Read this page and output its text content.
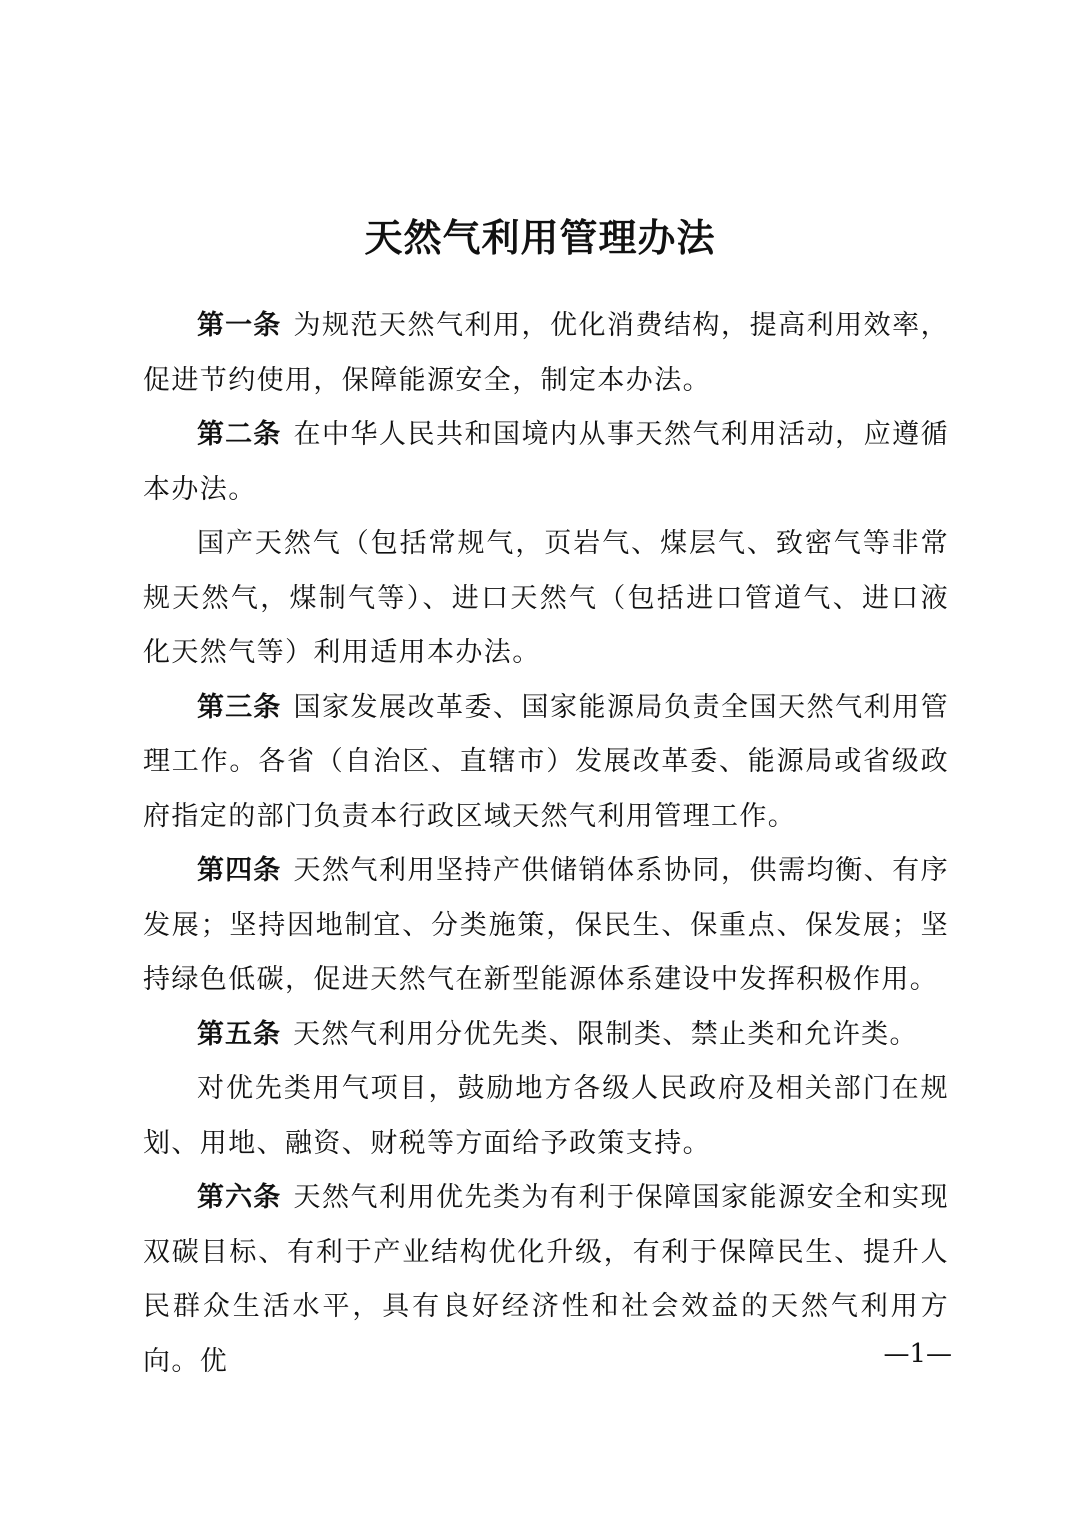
天然气利用管理办法

第一条 为规范天然气利用，优化消费结构，提高利用效率，促进节约使用，保障能源安全，制定本办法。

第二条 在中华人民共和国境内从事天然气利用活动，应遵循本办法。

国产天然气（包括常规气，页岩气、煤层气、致密气等非常规天然气，煤制气等）、进口天然气（包括进口管道气、进口液化天然气等）利用适用本办法。

第三条 国家发展改革委、国家能源局负责全国天然气利用管理工作。各省（自治区、直辖市）发展改革委、能源局或省级政府指定的部门负责本行政区域天然气利用管理工作。

第四条 天然气利用坚持产供储销体系协同，供需均衡、有序发展；坚持因地制宜、分类施策，保民生、保重点、保发展；坚持绿色低碳，促进天然气在新型能源体系建设中发挥积极作用。

第五条 天然气利用分优先类、限制类、禁止类和允许类。

对优先类用气项目，鼓励地方各级人民政府及相关部门在规划、用地、融资、财税等方面给予政策支持。

第六条 天然气利用优先类为有利于保障国家能源安全和实现双碳目标、有利于产业结构优化升级，有利于保障民生、提升人民群众生活水平，具有良好经济性和社会效益的天然气利用方向。优	—1—
